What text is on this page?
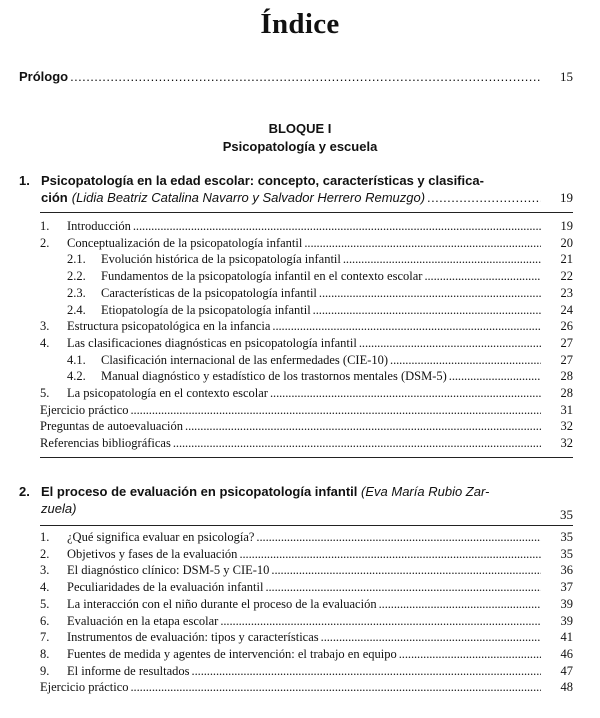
Índice
Prólogo . . .	15
BLOQUE I
Psicopatología y escuela
1. Psicopatología en la edad escolar: concepto, características y clasifica-
ción (Lidia Beatriz Catalina Navarro y Salvador Herrero Remuzgo) . . .	19
1. Introducción . . .	19
2. Conceptualización de la psicopatología infantil . . .	20
2.1. Evolución histórica de la psicopatología infantil . . .	21
2.2. Fundamentos de la psicopatología infantil en el contexto escolar . . .	22
2.3. Características de la psicopatología infantil . . .	23
2.4. Etiopatología de la psicopatología infantil . . .	24
3. Estructura psicopatológica en la infancia . . .	26
4. Las clasificaciones diagnósticas en psicopatología infantil . . .	27
4.1. Clasificación internacional de las enfermedades (CIE-10) . . .	27
4.2. Manual diagnóstico y estadístico de los trastornos mentales (DSM-5) . . .	28
5. La psicopatología en el contexto escolar . . .	28
Ejercicio práctico . . .	31
Preguntas de autoevaluación . . .	32
Referencias bibliográficas . . .	32
2. El proceso de evaluación en psicopatología infantil (Eva María Rubio Zar-
zuela)	35
1. ¿Qué significa evaluar en psicología? . . .	35
2. Objetivos y fases de la evaluación . . .	35
3. El diagnóstico clínico: DSM-5 y CIE-10 . . .	36
4. Peculiaridades de la evaluación infantil . . .	37
5. La interacción con el niño durante el proceso de la evaluación . . .	39
6. Evaluación en la etapa escolar . . .	39
7. Instrumentos de evaluación: tipos y características . . .	41
8. Fuentes de medida y agentes de intervención: el trabajo en equipo . . .	46
9. El informe de resultados . . .	47
Ejercicio práctico . . .	48
